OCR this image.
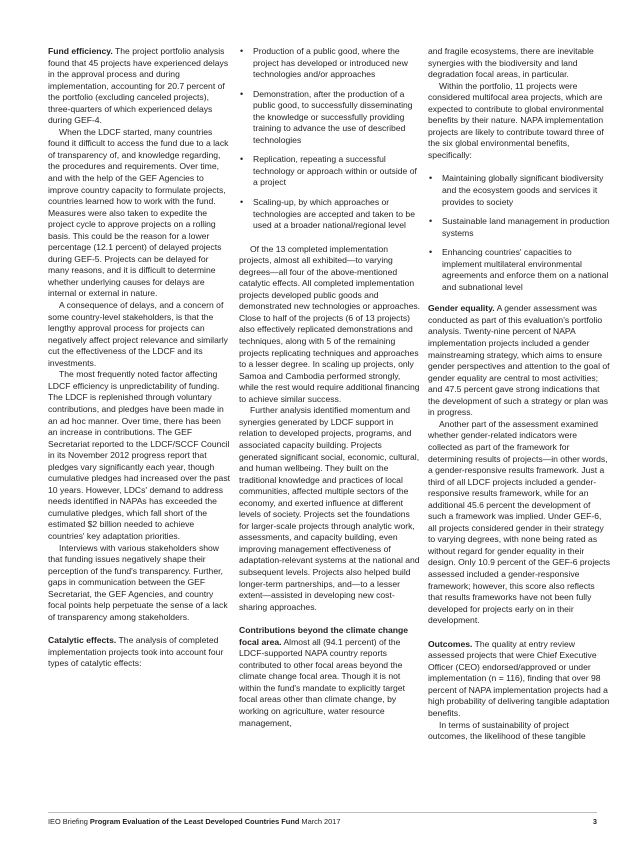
Fund efficiency. The project portfolio analysis found that 45 projects have experienced delays in the approval process and during implementation, accounting for 20.7 percent of the portfolio (excluding canceled projects), three-quarters of which experienced delays during GEF-4.

When the LDCF started, many countries found it difficult to access the fund due to a lack of transparency of, and knowledge regarding, the procedures and requirements. Over time, and with the help of the GEF Agencies to improve country capacity to formulate projects, countries learned how to work with the fund. Measures were also taken to expedite the project cycle to approve projects on a rolling basis. This could be the reason for a lower percentage (12.1 percent) of delayed projects during GEF-5. Projects can be delayed for many reasons, and it is difficult to determine whether underlying causes for delays are internal or external in nature.

A consequence of delays, and a concern of some country-level stakeholders, is that the lengthy approval process for projects can negatively affect project relevance and similarly cut the effectiveness of the LDCF and its investments.

The most frequently noted factor affecting LDCF efficiency is unpredictability of funding. The LDCF is replenished through voluntary contributions, and pledges have been made in an ad hoc manner. Over time, there has been an increase in contributions. The GEF Secretariat reported to the LDCF/SCCF Council in its November 2012 progress report that pledges vary significantly each year, though cumulative pledges had increased over the past 10 years. However, LDCs' demand to address needs identified in NAPAs has exceeded the cumulative pledges, which fall short of the estimated $2 billion needed to achieve countries' key adaptation priorities.

Interviews with various stakeholders show that funding issues negatively shape their perception of the fund's transparency. Further, gaps in communication between the GEF Secretariat, the GEF Agencies, and country focal points help perpetuate the sense of a lack of transparency among stakeholders.

Catalytic effects. The analysis of completed implementation projects took into account four types of catalytic effects:

• Production of a public good, where the project has developed or introduced new technologies and/or approaches
• Demonstration, after the production of a public good, to successfully disseminating the knowledge or successfully providing training to advance the use of described technologies
• Replication, repeating a successful technology or approach within or outside of a project
• Scaling-up, by which approaches or technologies are accepted and taken to be used at a broader national/regional level

Of the 13 completed implementation projects, almost all exhibited—to varying degrees—all four of the above-mentioned catalytic effects. All completed implementation projects developed public goods and demonstrated new technologies or approaches. Close to half of the projects (6 of 13 projects) also effectively replicated demonstrations and techniques, along with 5 of the remaining projects replicating techniques and approaches to a lesser degree. In scaling up projects, only Samoa and Cambodia performed strongly, while the rest would require additional financing to achieve similar success.

Further analysis identified momentum and synergies generated by LDCF support in relation to developed projects, programs, and associated capacity building. Projects generated significant social, economic, cultural, and human wellbeing. They built on the traditional knowledge and practices of local communities, affected multiple sectors of the economy, and exerted influence at different levels of society. Projects set the foundations for larger-scale projects through analytic work, assessments, and capacity building, even improving management effectiveness of adaptation-relevant systems at the national and subsequent levels. Projects also helped build longer-term partnerships, and—to a lesser extent—assisted in developing new cost-sharing approaches.

Contributions beyond the climate change focal area. Almost all (94.1 percent) of the LDCF-supported NAPA country reports contributed to other focal areas beyond the climate change focal area. Though it is not within the fund's mandate to explicitly target focal areas other than climate change, by working on agriculture, water resource management,

and fragile ecosystems, there are inevitable synergies with the biodiversity and land degradation focal areas, in particular.

Within the portfolio, 11 projects were considered multifocal area projects, which are expected to contribute to global environmental benefits by their nature. NAPA implementation projects are likely to contribute toward three of the six global environmental benefits, specifically:

• Maintaining globally significant biodiversity and the ecosystem goods and services it provides to society
• Sustainable land management in production systems
• Enhancing countries' capacities to implement multilateral environmental agreements and enforce them on a national and subnational level

Gender equality. A gender assessment was conducted as part of this evaluation's portfolio analysis. Twenty-nine percent of NAPA implementation projects included a gender mainstreaming strategy, which aims to ensure gender perspectives and attention to the goal of gender equality are central to most activities; and 47.5 percent gave strong indications that the development of such a strategy or plan was in progress.

Another part of the assessment examined whether gender-related indicators were collected as part of the framework for determining results of projects—in other words, a gender-responsive results framework. Just a third of all LDCF projects included a gender-responsive results framework, while for an additional 45.6 percent the development of such a framework was implied. Under GEF-6, all projects considered gender in their strategy to varying degrees, with none being rated as without regard for gender equality in their design. Only 10.9 percent of the GEF-6 projects assessed included a gender-responsive framework; however, this score also reflects that results frameworks have not been fully developed for projects early on in their development.

Outcomes. The quality at entry review assessed projects that were Chief Executive Officer (CEO) endorsed/approved or under implementation (n = 116), finding that over 98 percent of NAPA implementation projects had a high probability of delivering tangible adaptation benefits.

In terms of sustainability of project outcomes, the likelihood of these tangible

IEO Briefing Program Evaluation of the Least Developed Countries Fund March 2017	3
